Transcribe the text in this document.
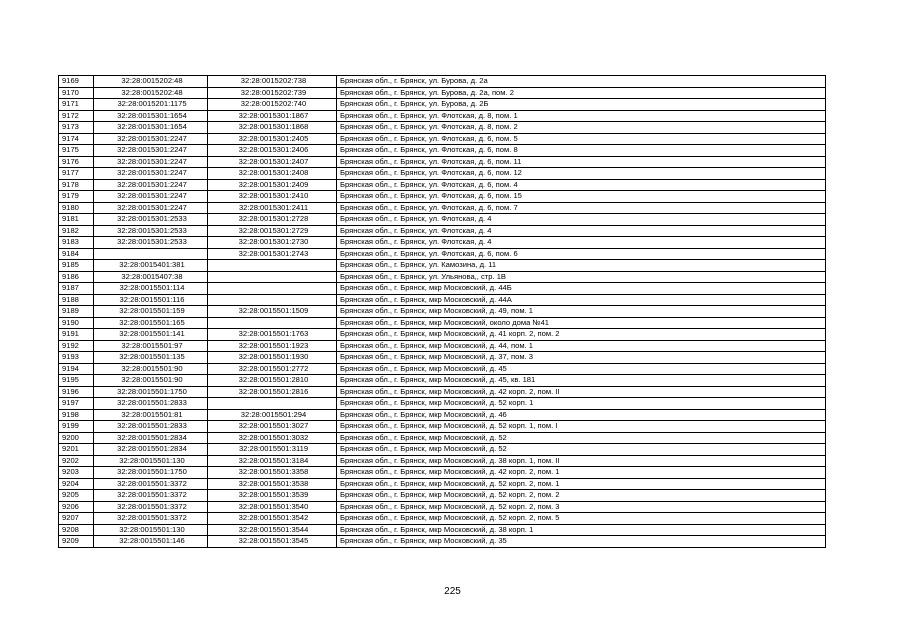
9169	32:28:0015202:48	32:28:0015202:738	Брянская обл., г. Брянск, ул. Бурова, д. 2а
9170	32:28:0015202:48	32:28:0015202:739	Брянская обл., г. Брянск, ул. Бурова, д. 2а, пом. 2
9171	32:28:0015201:1175	32:28:0015202:740	Брянская обл., г. Брянск, ул. Бурова, д. 2Б
9172	32:28:0015301:1654	32:28:0015301:1867	Брянская обл., г. Брянск, ул. Флотская, д. 8, пом. 1
9173	32:28:0015301:1654	32:28:0015301:1868	Брянская обл., г. Брянск, ул. Флотская, д. 8, пом. 2
9174	32:28:0015301:2247	32:28:0015301:2405	Брянская обл., г. Брянск, ул. Флотская, д. 6, пом. 5
9175	32:28:0015301:2247	32:28:0015301:2406	Брянская обл., г. Брянск, ул. Флотская, д. 6, пом. 8
9176	32:28:0015301:2247	32:28:0015301:2407	Брянская обл., г. Брянск, ул. Флотская, д. 6, пом. 11
9177	32:28:0015301:2247	32:28:0015301:2408	Брянская обл., г. Брянск, ул. Флотская, д. 6, пом. 12
9178	32:28:0015301:2247	32:28:0015301:2409	Брянская обл., г. Брянск, ул. Флотская, д. 6, пом. 4
9179	32:28:0015301:2247	32:28:0015301:2410	Брянская обл., г. Брянск, ул. Флотская, д. 6, пом. 15
9180	32:28:0015301:2247	32:28:0015301:2411	Брянская обл., г. Брянск, ул. Флотская, д. 6, пом. 7
9181	32:28:0015301:2533	32:28:0015301:2728	Брянская обл., г. Брянск, ул. Флотская, д. 4
9182	32:28:0015301:2533	32:28:0015301:2729	Брянская обл., г. Брянск, ул. Флотская, д. 4
9183	32:28:0015301:2533	32:28:0015301:2730	Брянская обл., г. Брянск, ул. Флотская, д. 4
9184		32:28:0015301:2743	Брянская обл., г. Брянск, ул. Флотская, д. 6, пом. 6
9185	32:28:0015401:381		Брянская обл., г. Брянск, ул. Камозина, д. 11
9186	32:28:0015407:38		Брянская обл., г. Брянск, ул. Ульянова,, стр. 1В
9187	32:28:0015501:114		Брянская обл., г. Брянск, мкр Московский, д. 44Б
9188	32:28:0015501:116		Брянская обл., г. Брянск, мкр Московский, д. 44А
9189	32:28:0015501:159	32:28:0015501:1509	Брянская обл., г. Брянск, мкр Московский, д. 49, пом. 1
9190	32:28:0015501:165		Брянская обл., г. Брянск, мкр Московский, около дома №41
9191	32:28:0015501:141	32:28:0015501:1763	Брянская обл., г. Брянск, мкр Московский, д. 41 корп. 2, пом. 2
9192	32:28:0015501:97	32:28:0015501:1923	Брянская обл., г. Брянск, мкр Московский, д. 44, пом. 1
9193	32:28:0015501:135	32:28:0015501:1930	Брянская обл., г. Брянск, мкр Московский, д. 37, пом. 3
9194	32:28:0015501:90	32:28:0015501:2772	Брянская обл., г. Брянск, мкр Московский, д. 45
9195	32:28:0015501:90	32:28:0015501:2810	Брянская обл., г. Брянск, мкр Московский, д. 45, кв. 181
9196	32:28:0015501:1750	32:28:0015501:2816	Брянская обл., г. Брянск, мкр Московский, д. 42 корп. 2, пом. II
9197	32:28:0015501:2833		Брянская обл., г. Брянск, мкр Московский, д. 52 корп. 1
9198	32:28:0015501:81	32:28:0015501:294	Брянская обл., г. Брянск, мкр Московский, д. 46
9199	32:28:0015501:2833	32:28:0015501:3027	Брянская обл., г. Брянск, мкр Московский, д. 52 корп. 1, пом. I
9200	32:28:0015501:2834	32:28:0015501:3032	Брянская обл., г. Брянск, мкр Московский, д. 52
9201	32:28:0015501:2834	32:28:0015501:3119	Брянская обл., г. Брянск, мкр Московский, д. 52
9202	32:28:0015501:130	32:28:0015501:3184	Брянская обл., г. Брянск, мкр Московский, д. 38 корп. 1, пом. II
9203	32:28:0015501:1750	32:28:0015501:3358	Брянская обл., г. Брянск, мкр Московский, д. 42 корп. 2, пом. 1
9204	32:28:0015501:3372	32:28:0015501:3538	Брянская обл., г. Брянск, мкр Московский, д. 52 корп. 2, пом. 1
9205	32:28:0015501:3372	32:28:0015501:3539	Брянская обл., г. Брянск, мкр Московский, д. 52 корп. 2, пом. 2
9206	32:28:0015501:3372	32:28:0015501:3540	Брянская обл., г. Брянск, мкр Московский, д. 52 корп. 2, пом. 3
9207	32:28:0015501:3372	32:28:0015501:3542	Брянская обл., г. Брянск, мкр Московский, д. 52 корп. 2, пом. 5
9208	32:28:0015501:130	32:28:0015501:3544	Брянская обл., г. Брянск, мкр Московский, д. 38 корп. 1
9209	32:28:0015501:146	32:28:0015501:3545	Брянская обл., г. Брянск, мкр Московский, д. 35
225
